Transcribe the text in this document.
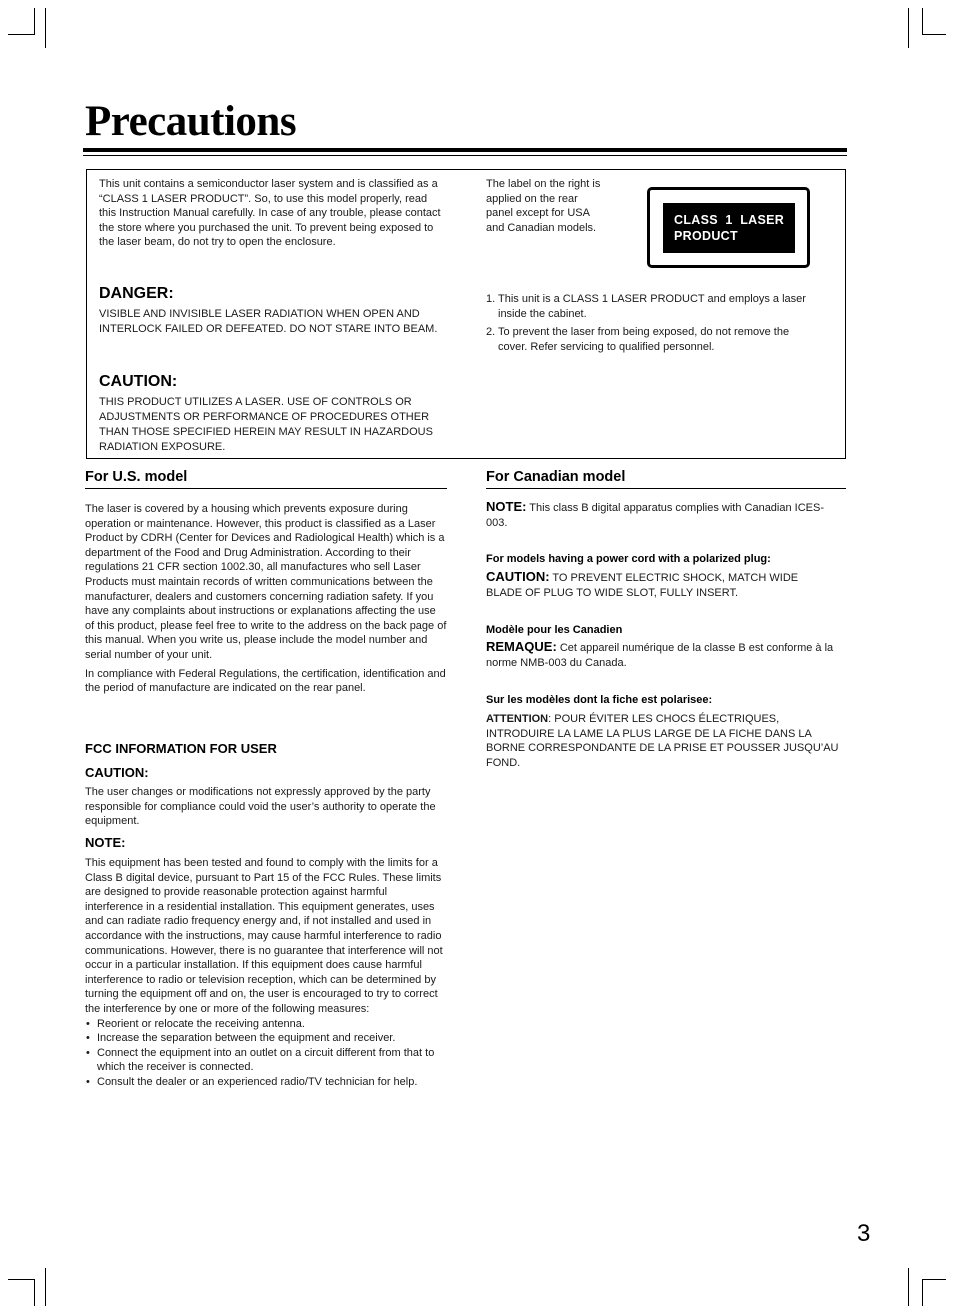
Precautions
This unit contains a semiconductor laser system and is classified as a “CLASS 1 LASER PRODUCT”. So, to use this model properly, read this Instruction Manual carefully. In case of any trouble, please contact the store where you purchased the unit. To prevent being exposed to the laser beam, do not try to open the enclosure.
DANGER:
VISIBLE AND INVISIBLE LASER RADIATION WHEN OPEN AND INTERLOCK FAILED OR DEFEATED. DO NOT STARE INTO BEAM.
CAUTION:
THIS PRODUCT UTILIZES A LASER. USE OF CONTROLS OR ADJUSTMENTS OR PERFORMANCE OF PROCEDURES OTHER THAN THOSE SPECIFIED HEREIN MAY RESULT IN HAZARDOUS RADIATION EXPOSURE.
The label on the right is applied on the rear panel except for USA and Canadian models.
CLASS  1  LASER
PRODUCT
1. This unit is a CLASS 1 LASER PRODUCT and employs a laser inside the cabinet.
2. To prevent the laser from being exposed, do not remove the cover. Refer servicing to qualified personnel.
For U.S. model

The laser is covered by a housing which prevents exposure during operation or maintenance. However, this product is classified as a Laser Product by CDRH (Center for Devices and Radiological Health) which is a department of the Food and Drug Administration. According to their regulations 21 CFR section 1002.30, all manufactures who sell Laser Products must maintain records of written communications between the manufacturer, dealers and customers concerning radiation safety. If you have any complaints about instructions or explanations affecting the use of this product, please feel free to write to the address on the back page of this manual. When you write us, please include the model number and serial number of your unit.

In compliance with Federal Regulations, the certification, identification and the period of manufacture are indicated on the rear panel.

FCC INFORMATION FOR USER
CAUTION:
The user changes or modifications not expressly approved by the party responsible for compliance could void the user’s authority to operate the equipment.
NOTE:

This equipment has been tested and found to comply with the limits for a Class B digital device, pursuant to Part 15 of the FCC Rules. These limits are designed to provide reasonable protection against harmful interference in a residential installation. This equipment generates, uses and can radiate radio frequency energy and, if not installed and used in accordance with the instructions, may cause harmful interference to radio communications. However, there is no guarantee that interference will not occur in a particular installation. If this equipment does cause harmful interference to radio or television reception, which can be determined by turning the equipment off and on, the user is encouraged to try to correct the interference by one or more of the following measures:

• Reorient or relocate the receiving antenna.
• Increase the separation between the equipment and receiver.
• Connect the equipment into an outlet on a circuit different from that to which the receiver is connected.
• Consult the dealer or an experienced radio/TV technician for help.
For Canadian model
NOTE: This class B digital apparatus complies with Canadian ICES-003.
For models having a power cord with a polarized plug:
CAUTION: TO PREVENT ELECTRIC SHOCK, MATCH WIDE BLADE OF PLUG TO WIDE SLOT, FULLY INSERT.
Modèle pour les Canadien
REMAQUE: Cet appareil numérique de la classe B est conforme à la norme NMB-003 du Canada.
Sur les modèles dont la fiche est polarisee:
ATTENTION: POUR ÉVITER LES CHOCS ÉLECTRIQUES, INTRODUIRE LA LAME LA PLUS LARGE DE LA FICHE DANS LA BORNE CORRESPONDANTE DE LA PRISE ET POUSSER JUSQU’AU FOND.
3
